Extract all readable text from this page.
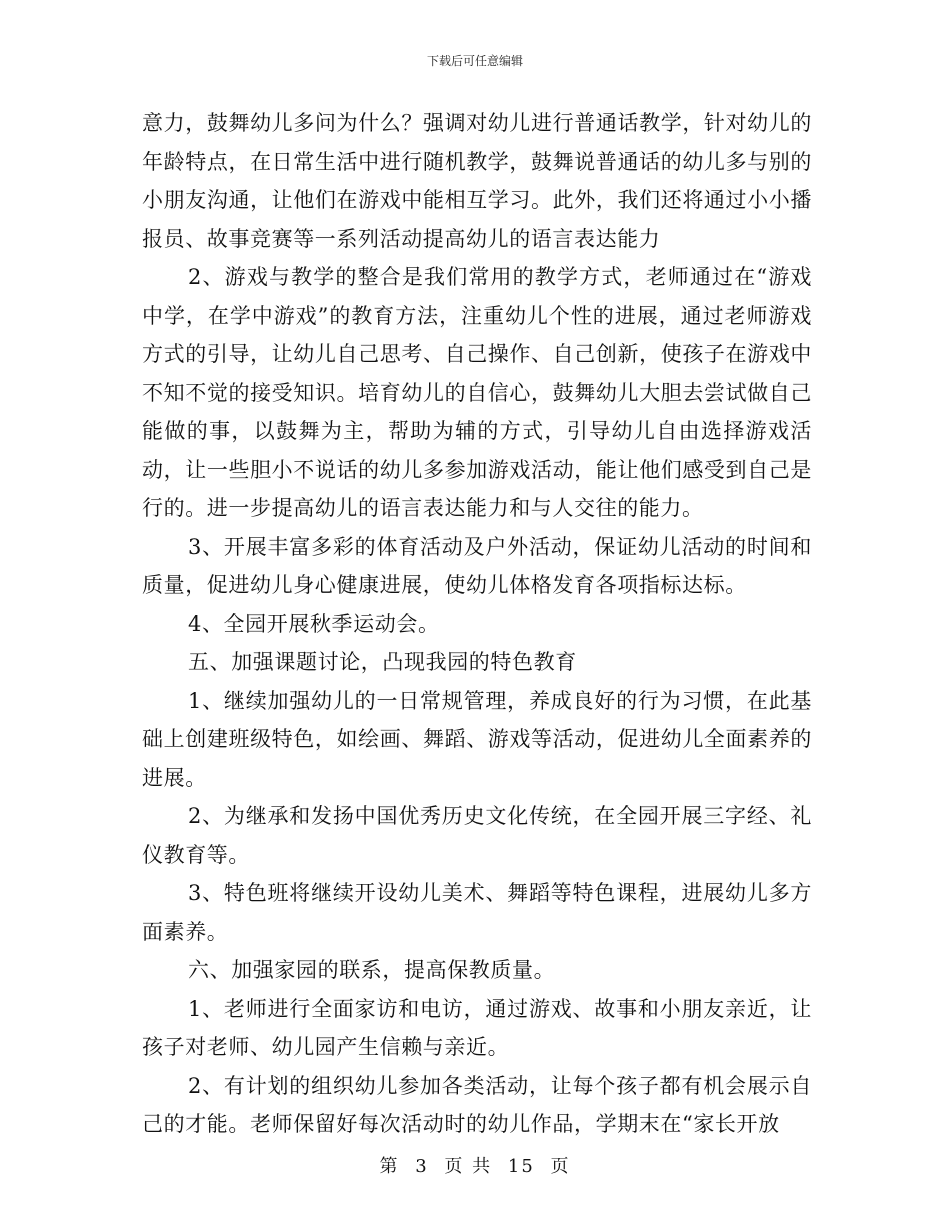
下载后可任意编辑

意力，鼓舞幼儿多问为什么？强调对幼儿进行普通话教学，针对幼儿的年龄特点，在日常生活中进行随机教学，鼓舞说普通话的幼儿多与别的小朋友沟通，让他们在游戏中能相互学习。此外，我们还将通过小小播报员、故事竞赛等一系列活动提高幼儿的语言表达能力

2、游戏与教学的整合是我们常用的教学方式，老师通过在“游戏中学，在学中游戏”的教育方法，注重幼儿个性的进展，通过老师游戏方式的引导，让幼儿自己思考、自己操作、自己创新，使孩子在游戏中不知不觉的接受知识。培育幼儿的自信心，鼓舞幼儿大胆去尝试做自己能做的事，以鼓舞为主，帮助为辅的方式，引导幼儿自由选择游戏活动，让一些胆小不说话的幼儿多参加游戏活动，能让他们感受到自己是行的。进一步提高幼儿的语言表达能力和与人交往的能力。

3、开展丰富多彩的体育活动及户外活动，保证幼儿活动的时间和质量，促进幼儿身心健康进展，使幼儿体格发育各项指标达标。

4、全园开展秋季运动会。

五、加强课题讨论，凸现我园的特色教育

1、继续加强幼儿的一日常规管理，养成良好的行为习惯，在此基础上创建班级特色，如绘画、舞蹈、游戏等活动，促进幼儿全面素养的进展。

2、为继承和发扬中国优秀历史文化传统，在全园开展三字经、礼仪教育等。

3、特色班将继续开设幼儿美术、舞蹈等特色课程，进展幼儿多方面素养。

六、加强家园的联系，提高保教质量。

1、老师进行全面家访和电访，通过游戏、故事和小朋友亲近，让孩子对老师、幼儿园产生信赖与亲近。

2、有计划的组织幼儿参加各类活动，让每个孩子都有机会展示自己的才能。老师保留好每次活动时的幼儿作品，学期末在“家长开放

第 3 页 共 15 页
